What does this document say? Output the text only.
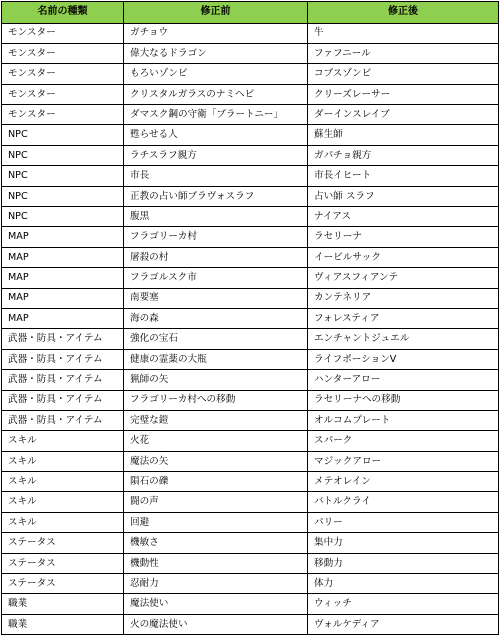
名前の種類	修正前	修正後
モンスター	ガチョウ	牛
モンスター	偉大なるドラゴン	ファフニール
モンスター	もろいゾンビ	コブスゾンビ
モンスター	クリスタルガラスのナミヘビ	クリーズレーサー
モンスター	ダマスク鋼の守衛「ブラートニー」	ダーインスレイブ
NPC	甦らせる人	蘇生師
NPC	ラチスラフ親方	ガパチョ親方
NPC	市長	市長イヒート
NPC	正教の占い師ブラヴォスラフ	占い師 スラフ
NPC	腹黒	ナイアス
MAP	フラゴリーカ村	ラセリーナ
MAP	屠殺の村	イービルサック
MAP	フラゴルスク市	ヴィアスフィアンテ
MAP	南要塞	カンテネリア
MAP	海の森	フォレスティア
武器・防具・アイテム	強化の宝石	エンチャントジュエル
武器・防具・アイテム	健康の霊薬の大瓶	ライフポーションV
武器・防具・アイテム	猟師の矢	ハンターアロー
武器・防具・アイテム	フラゴリーカ村への移動	ラセリーナへの移動
武器・防具・アイテム	完璧な鎧	オルコムプレート
スキル	火花	スパーク
スキル	魔法の矢	マジックアロー
スキル	隕石の礫	メテオレイン
スキル	闘の声	バトルクライ
スキル	回避	パリー
ステータス	機敏さ	集中力
ステータス	機動性	移動力
ステータス	忍耐力	体力
職業	魔法使い	ウィッチ
職業	火の魔法使い	ヴォルケディア
